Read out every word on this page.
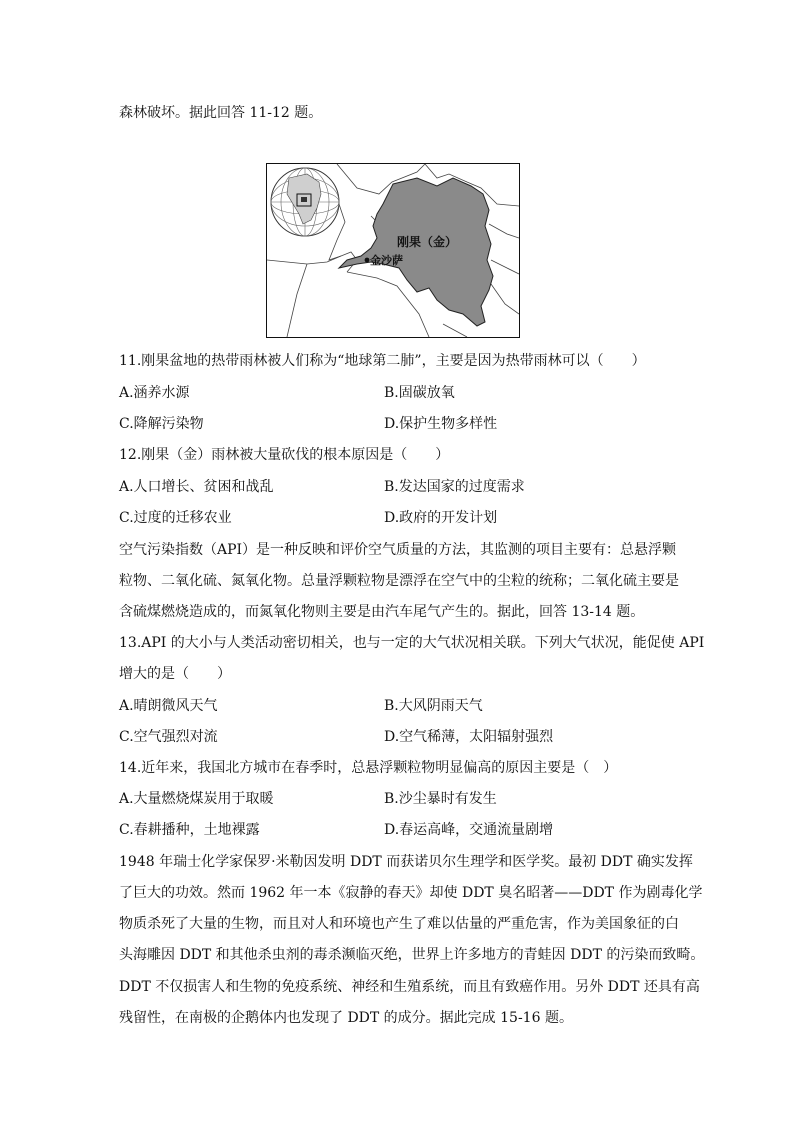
森林破坏。据此回答 11-12 题。
刚果（金）
金沙萨
11.刚果盆地的热带雨林被人们称为“地球第二肺”，主要是因为热带雨林可以（　　）
A.涵养水源	B.固碳放氧
C.降解污染物	D.保护生物多样性
12.刚果（金）雨林被大量砍伐的根本原因是（　　）
A.人口增长、贫困和战乱	B.发达国家的过度需求
C.过度的迁移农业	D.政府的开发计划
空气污染指数（API）是一种反映和评价空气质量的方法，其监测的项目主要有：总悬浮颗
粒物、二氧化硫、氮氧化物。总量浮颗粒物是漂浮在空气中的尘粒的统称；二氧化硫主要是
含硫煤燃烧造成的，而氮氧化物则主要是由汽车尾气产生的。据此，回答 13-14 题。
13.API 的大小与人类活动密切相关，也与一定的大气状况相关联。下列大气状况，能促使 API
增大的是（　　）
A.晴朗微风天气	B.大风阴雨天气
C.空气强烈对流	D.空气稀薄，太阳辐射强烈
14.近年来，我国北方城市在春季时，总悬浮颗粒物明显偏高的原因主要是（　）
A.大量燃烧煤炭用于取暖	B.沙尘暴时有发生
C.春耕播种，土地裸露	D.春运高峰，交通流量剧增
1948 年瑞士化学家保罗·米勒因发明 DDT 而获诺贝尔生理学和医学奖。最初 DDT 确实发挥
了巨大的功效。然而 1962 年一本《寂静的春天》却使 DDT 臭名昭著——DDT 作为剧毒化学
物质杀死了大量的生物，而且对人和环境也产生了难以估量的严重危害，作为美国象征的白
头海雕因 DDT 和其他杀虫剂的毒杀濒临灭绝，世界上许多地方的青蛙因 DDT 的污染而致畸。
DDT 不仅损害人和生物的免疫系统、神经和生殖系统，而且有致癌作用。另外 DDT 还具有高
残留性，在南极的企鹅体内也发现了 DDT 的成分。据此完成 15-16 题。
